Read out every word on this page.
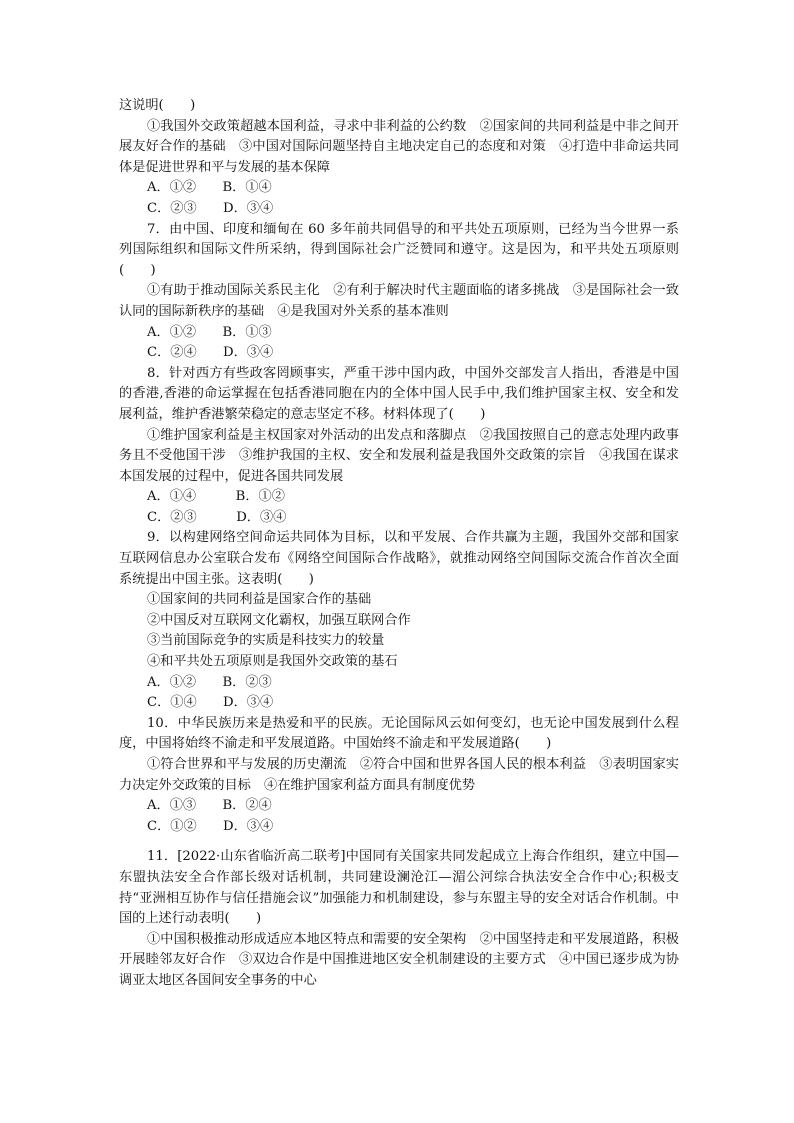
这说明(　　)

①我国外交政策超越本国利益，寻求中非利益的公约数　②国家间的共同利益是中非之间开展友好合作的基础　③中国对国际问题坚持自主地决定自己的态度和对策　④打造中非命运共同体是促进世界和平与发展的基本保障

A．①②　　B．①④

C．②③　　D．③④

7．由中国、印度和缅甸在 60 多年前共同倡导的和平共处五项原则，已经为当今世界一系列国际组织和国际文件所采纳，得到国际社会广泛赞同和遵守。这是因为，和平共处五项原则(　　)

①有助于推动国际关系民主化　②有利于解决时代主题面临的诸多挑战　③是国际社会一致认同的国际新秩序的基础　④是我国对外关系的基本准则

A．①②　　B．①③

C．②④　　D．③④

8．针对西方有些政客罔顾事实，严重干涉中国内政，中国外交部发言人指出，香港是中国的香港,香港的命运掌握在包括香港同胞在内的全体中国人民手中,我们维护国家主权、安全和发展利益，维护香港繁荣稳定的意志坚定不移。材料体现了(　　)

①维护国家利益是主权国家对外活动的出发点和落脚点　②我国按照自己的意志处理内政事务且不受他国干涉　③维护我国的主权、安全和发展利益是我国外交政策的宗旨　④我国在谋求本国发展的过程中，促进各国共同发展

A．①④　　　B．①②

C．②③　　　D．③④

9．以构建网络空间命运共同体为目标，以和平发展、合作共赢为主题，我国外交部和国家互联网信息办公室联合发布《网络空间国际合作战略》，就推动网络空间国际交流合作首次全面系统提出中国主张。这表明(　　)

①国家间的共同利益是国家合作的基础

②中国反对互联网文化霸权，加强互联网合作

③当前国际竞争的实质是科技实力的较量

④和平共处五项原则是我国外交政策的基石

A．①②　　B．②③

C．①④　　D．③④

10．中华民族历来是热爱和平的民族。无论国际风云如何变幻，也无论中国发展到什么程度，中国将始终不渝走和平发展道路。中国始终不渝走和平发展道路(　　)

①符合世界和平与发展的历史潮流　②符合中国和世界各国人民的根本利益　③表明国家实力决定外交政策的目标　④在维护国家利益方面具有制度优势

A．①③　　B．②④

C．①②　　D．③④

11．[2022·山东省临沂高二联考]中国同有关国家共同发起成立上海合作组织，建立中国—东盟执法安全合作部长级对话机制，共同建设澜沧江—湄公河综合执法安全合作中心;积极支持“亚洲相互协作与信任措施会议”加强能力和机制建设，参与东盟主导的安全对话合作机制。中国的上述行动表明(　　)

①中国积极推动形成适应本地区特点和需要的安全架构　②中国坚持走和平发展道路，积极开展睦邻友好合作　③双边合作是中国推进地区安全机制建设的主要方式　④中国已逐步成为协调亚太地区各国间安全事务的中心
